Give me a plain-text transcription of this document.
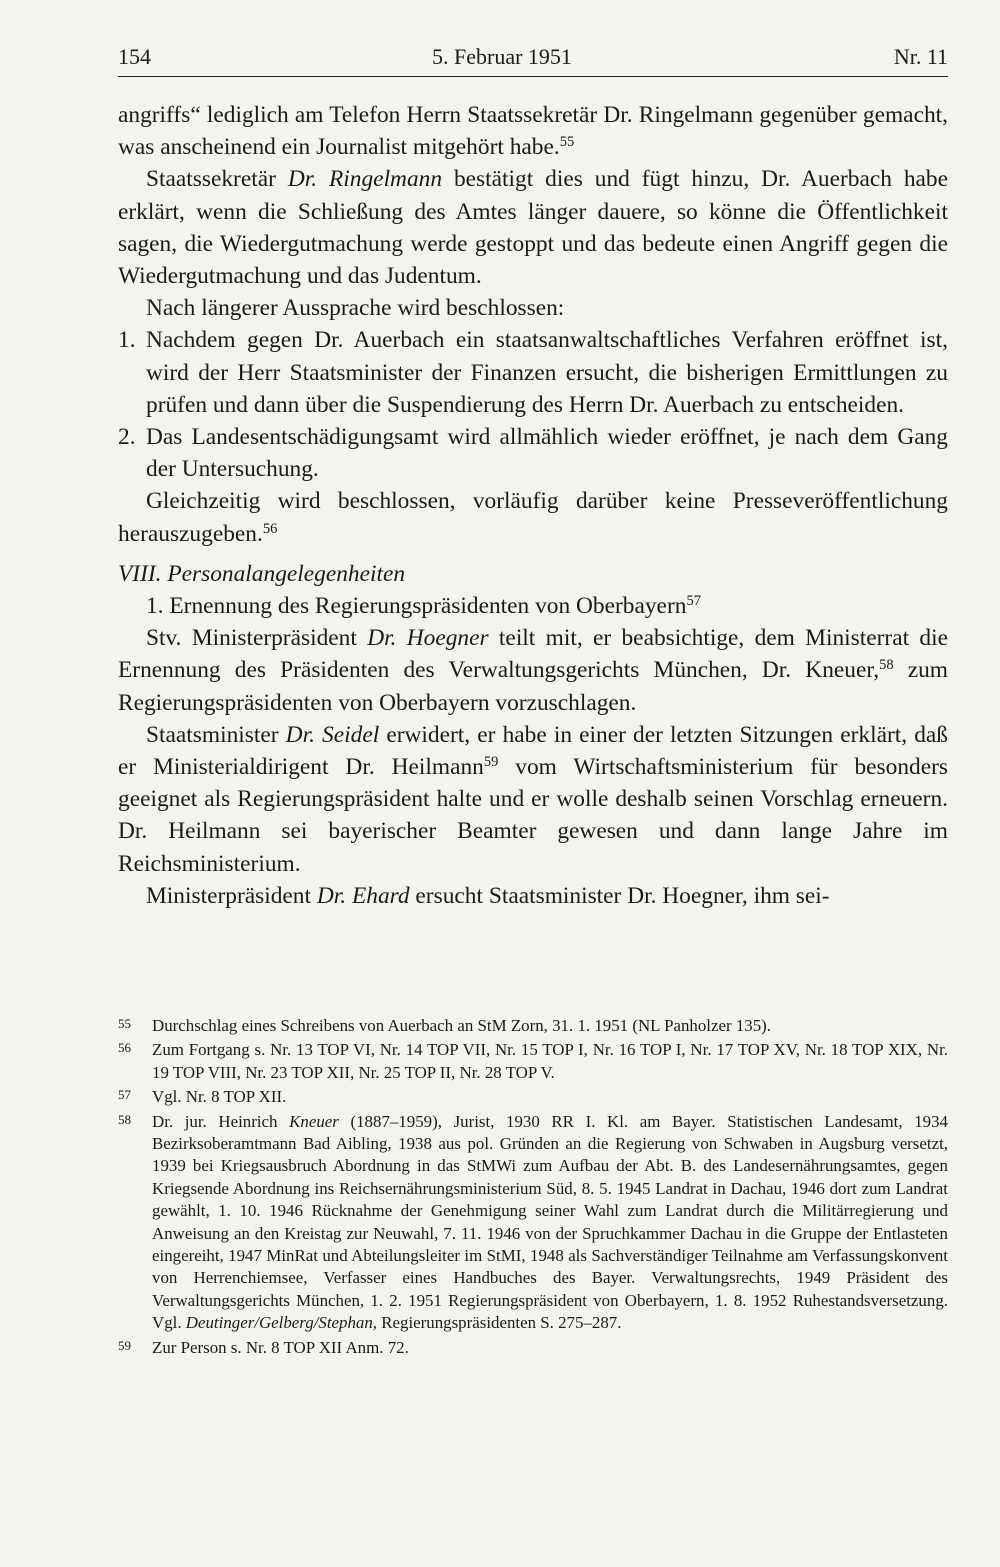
154	5. Februar 1951	Nr. 11

angriffs“ lediglich am Telefon Herrn Staatssekretär Dr. Ringelmann gegenüber gemacht, was anscheinend ein Journalist mitgehört habe.$^{55}$

Staatssekretär Dr. Ringelmann bestätigt dies und fügt hinzu, Dr. Auerbach habe erklärt, wenn die Schließung des Amtes länger dauere, so könne die Öffentlichkeit sagen, die Wiedergutmachung werde gestoppt und das bedeute einen Angriff gegen die Wiedergutmachung und das Judentum.

Nach längerer Aussprache wird beschlossen:

1. Nachdem gegen Dr. Auerbach ein staatsanwaltschaftliches Verfahren eröffnet ist, wird der Herr Staatsminister der Finanzen ersucht, die bisherigen Ermittlungen zu prüfen und dann über die Suspendierung des Herrn Dr. Auerbach zu entscheiden.

2. Das Landesentschädigungsamt wird allmählich wieder eröffnet, je nach dem Gang der Untersuchung.

Gleichzeitig wird beschlossen, vorläufig darüber keine Presseveröffentlichung herauszugeben.$^{56}$

VIII. Personalangelegenheiten

1. Ernennung des Regierungspräsidenten von Oberbayern$^{57}$

Stv. Ministerpräsident Dr. Hoegner teilt mit, er beabsichtige, dem Ministerrat die Ernennung des Präsidenten des Verwaltungsgerichts München, Dr. Kneuer,$^{58}$ zum Regierungspräsidenten von Oberbayern vorzuschlagen.

Staatsminister Dr. Seidel erwidert, er habe in einer der letzten Sitzungen erklärt, daß er Ministerialdirigent Dr. Heilmann$^{59}$ vom Wirtschaftsministerium für besonders geeignet als Regierungspräsident halte und er wolle deshalb seinen Vorschlag erneuern. Dr. Heilmann sei bayerischer Beamter gewesen und dann lange Jahre im Reichsministerium.

Ministerpräsident Dr. Ehard ersucht Staatsminister Dr. Hoegner, ihm sei-

55	Durchschlag eines Schreibens von Auerbach an StM Zorn, 31. 1. 1951 (NL Panholzer 135).
56	Zum Fortgang s. Nr. 13 TOP VI, Nr. 14 TOP VII, Nr. 15 TOP I, Nr. 16 TOP I, Nr. 17 TOP XV, Nr. 18 TOP XIX, Nr. 19 TOP VIII, Nr. 23 TOP XII, Nr. 25 TOP II, Nr. 28 TOP V.
57	Vgl. Nr. 8 TOP XII.
58	Dr. jur. Heinrich Kneuer (1887–1959), Jurist, 1930 RR I. Kl. am Bayer. Statistischen Landesamt, 1934 Bezirksoberamtmann Bad Aibling, 1938 aus pol. Gründen an die Regierung von Schwaben in Augsburg versetzt, 1939 bei Kriegsausbruch Abordnung in das StMWi zum Aufbau der Abt. B. des Landesernährungsamtes, gegen Kriegsende Abordnung ins Reichsernährungsministerium Süd, 8. 5. 1945 Landrat in Dachau, 1946 dort zum Landrat gewählt, 1. 10. 1946 Rücknahme der Genehmigung seiner Wahl zum Landrat durch die Militärregierung und Anweisung an den Kreistag zur Neuwahl, 7. 11. 1946 von der Spruchkammer Dachau in die Gruppe der Entlasteten eingereiht, 1947 MinRat und Abteilungsleiter im StMI, 1948 als Sachverständiger Teilnahme am Verfassungskonvent von Herrenchiemsee, Verfasser eines Handbuches des Bayer. Verwaltungsrechts, 1949 Präsident des Verwaltungsgerichts München, 1. 2. 1951 Regierungspräsident von Oberbayern, 1. 8. 1952 Ruhestandsversetzung. Vgl. Deutinger/Gelberg/Stephan, Regierungspräsidenten S. 275–287.
59	Zur Person s. Nr. 8 TOP XII Anm. 72.
